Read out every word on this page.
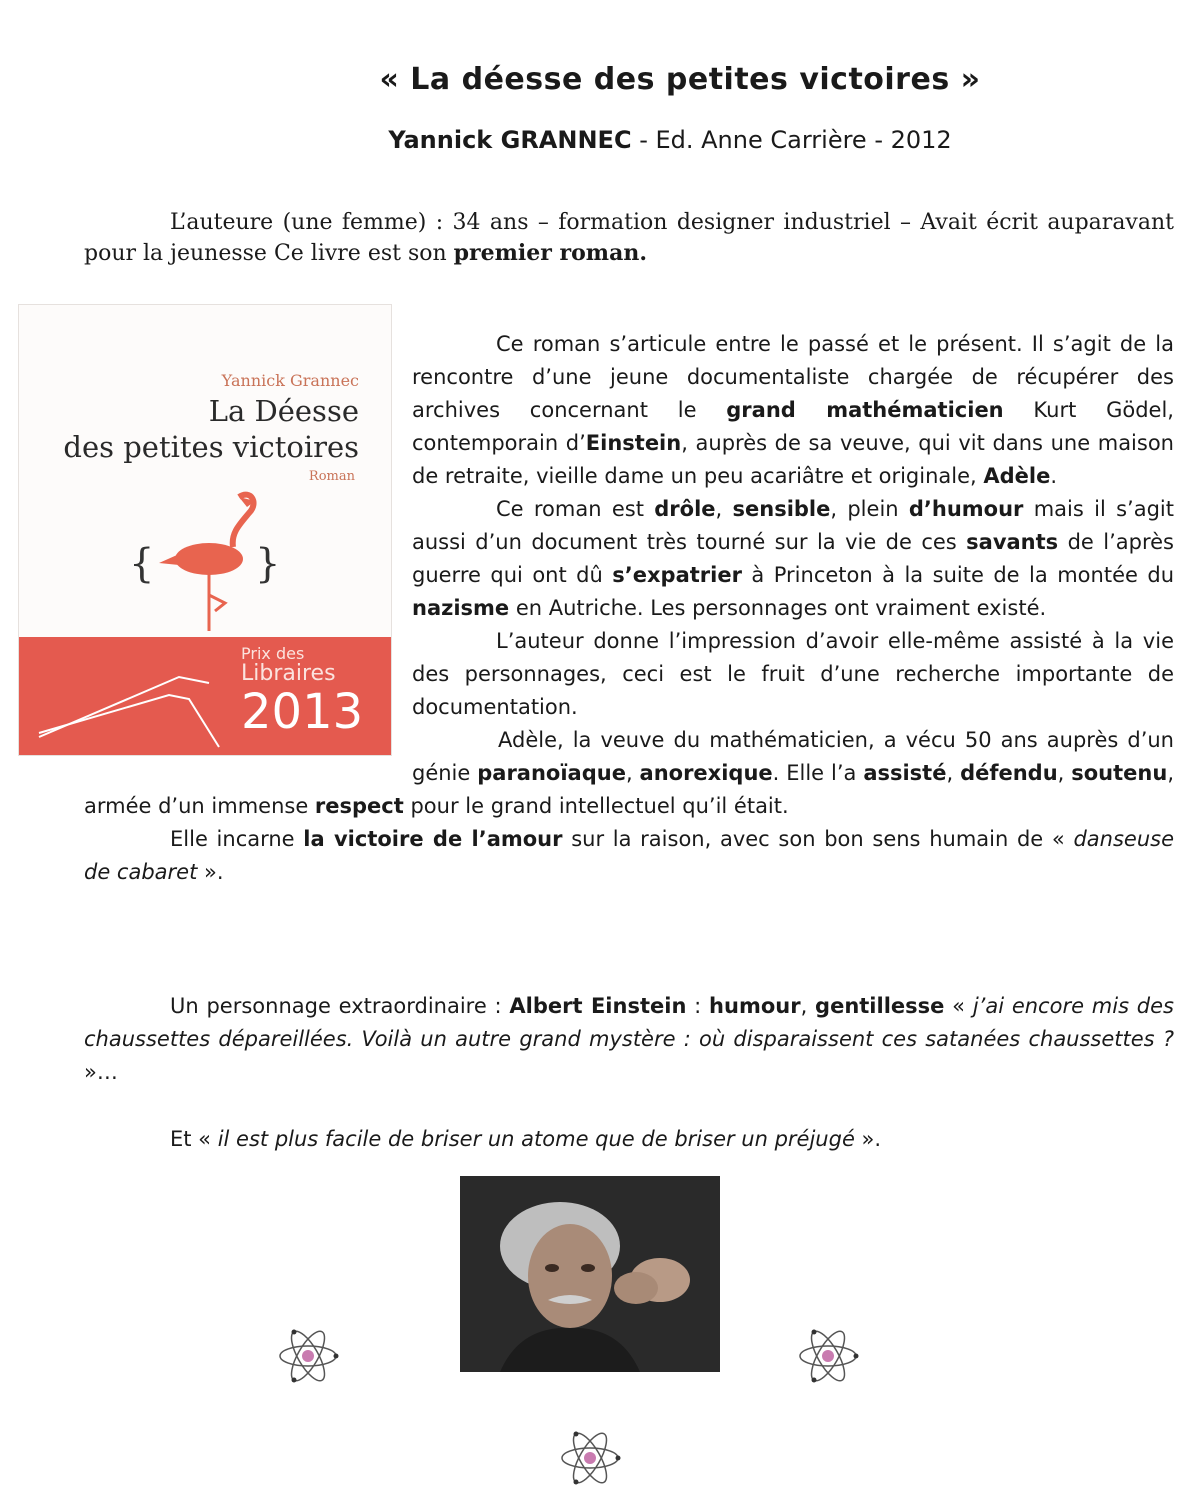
« La déesse des petites victoires »
Yannick GRANNEC - Ed. Anne Carrière - 2012
L’auteure (une femme) : 34 ans – formation designer industriel – Avait écrit auparavant pour la jeunesse Ce livre est son premier roman.
Yannick Grannec
La Déesse
des petites victoires
Roman
{	}
Prix des
Libraires
2013

Ce roman s’articule entre le passé et le présent. Il s’agit de la rencontre d’une jeune documentaliste chargée de récupérer des archives concernant le grand mathématicien Kurt Gödel, contemporain d’Einstein, auprès de sa veuve, qui vit dans une maison de retraite, vieille dame un peu acariâtre et originale, Adèle.

Ce roman est drôle, sensible, plein d’humour mais il s’agit aussi d’un document très tourné sur la vie de ces savants de l’après guerre qui ont dû s’expatrier à Princeton à la suite de la montée du nazisme en Autriche. Les personnages ont vraiment existé.

L’auteur donne l’impression d’avoir elle-même assisté à la vie des personnages, ceci est le fruit d’une recherche importante de documentation.

Adèle, la veuve du mathématicien, a vécu 50 ans auprès d’un génie paranoïaque, anorexique. Elle l’a assisté, défendu, soutenu, armée d’un immense respect pour le grand intellectuel qu’il était.

Elle incarne la victoire de l’amour sur la raison, avec son bon sens humain de « danseuse de cabaret ».

Un personnage extraordinaire : Albert Einstein : humour, gentillesse « j’ai encore mis des chaussettes dépareillées. Voilà un autre grand mystère : où disparaissent ces satanées chaussettes ? »…
Et « il est plus facile de briser un atome que de briser un préjugé ».
